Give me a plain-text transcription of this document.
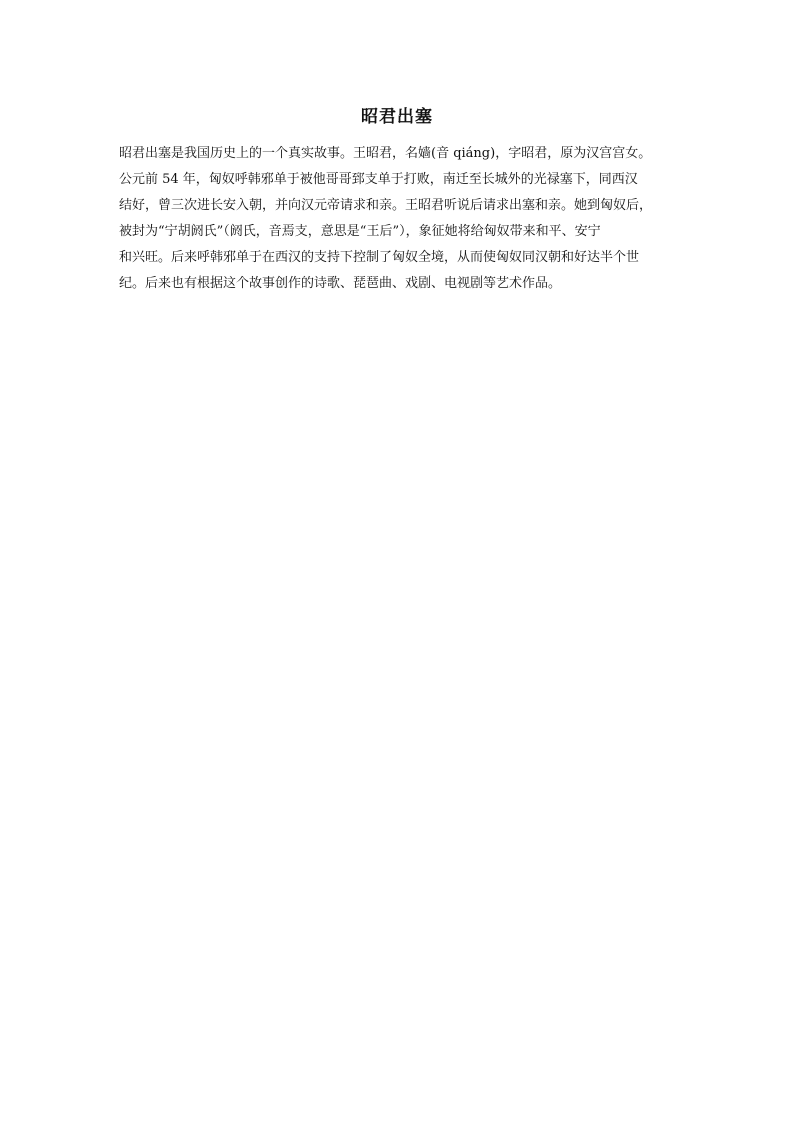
昭君出塞
昭君出塞是我国历史上的一个真实故事。王昭君，名嫱(音 qiáng)，字昭君，原为汉宫宫女。
公元前 54 年，匈奴呼韩邪单于被他哥哥郅支单于打败，南迁至长城外的光禄塞下，同西汉
结好，曾三次进长安入朝，并向汉元帝请求和亲。王昭君听说后请求出塞和亲。她到匈奴后，
被封为“宁胡阏氏”（阏氏，音焉支，意思是“王后”），象征她将给匈奴带来和平、安宁
和兴旺。后来呼韩邪单于在西汉的支持下控制了匈奴全境，从而使匈奴同汉朝和好达半个世
纪。后来也有根据这个故事创作的诗歌、琵琶曲、戏剧、电视剧等艺术作品。
